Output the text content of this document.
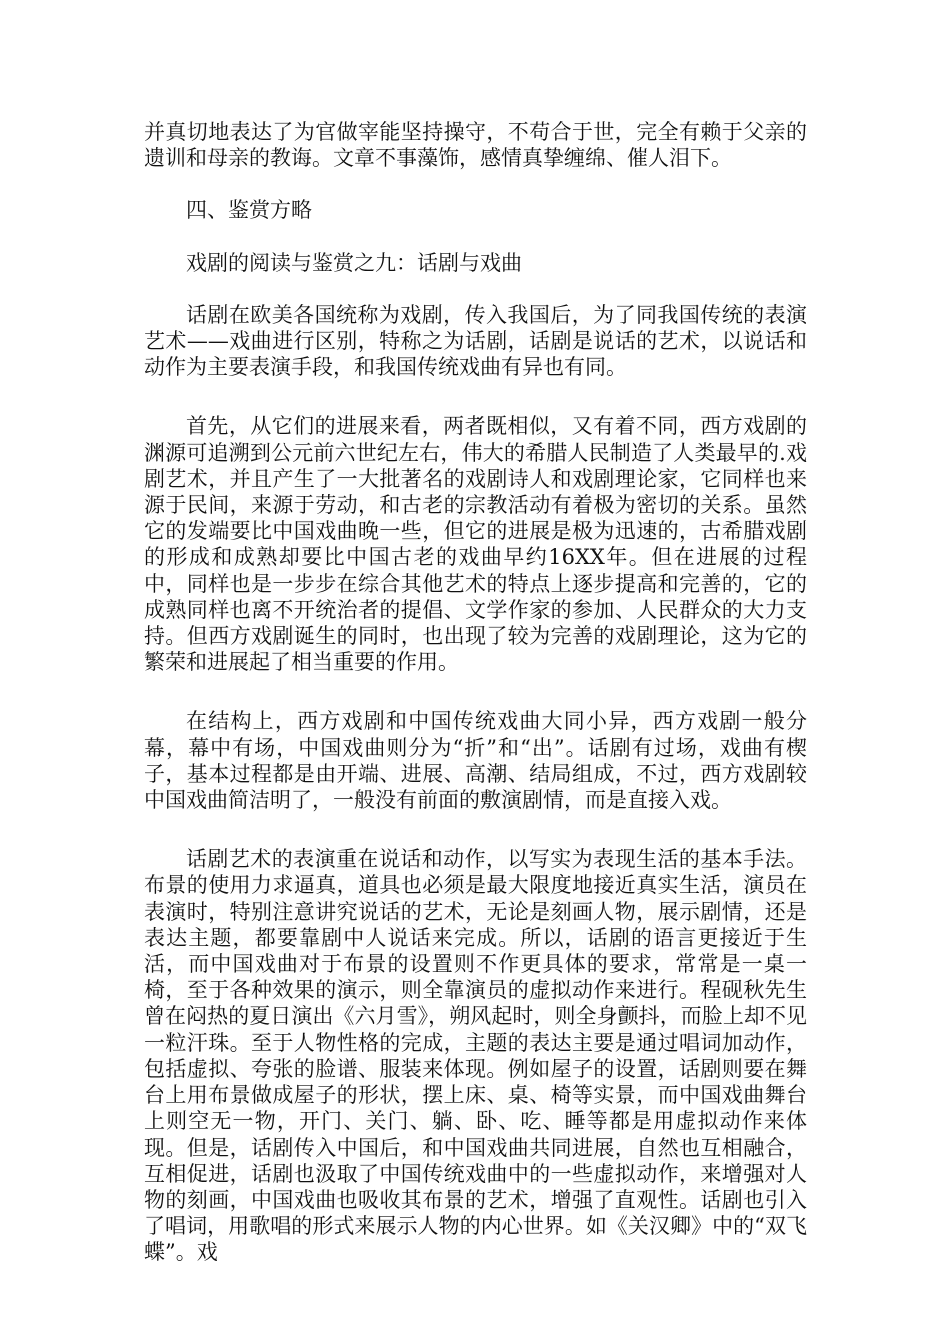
并真切地表达了为官做宰能坚持操守，不苟合于世，完全有赖于父亲的遗训和母亲的教诲。文章不事藻饰，感情真挚缠绵、催人泪下。

四、鉴赏方略

戏剧的阅读与鉴赏之九：话剧与戏曲

话剧在欧美各国统称为戏剧，传入我国后，为了同我国传统的表演艺术——戏曲进行区别，特称之为话剧，话剧是说话的艺术，以说话和动作为主要表演手段，和我国传统戏曲有异也有同。

首先，从它们的进展来看，两者既相似，又有着不同，西方戏剧的渊源可追溯到公元前六世纪左右，伟大的希腊人民制造了人类最早的.戏剧艺术，并且产生了一大批著名的戏剧诗人和戏剧理论家，它同样也来源于民间，来源于劳动，和古老的宗教活动有着极为密切的关系。虽然它的发端要比中国戏曲晚一些，但它的进展是极为迅速的，古希腊戏剧的形成和成熟却要比中国古老的戏曲早约16XX年。但在进展的过程中，同样也是一步步在综合其他艺术的特点上逐步提高和完善的，它的成熟同样也离不开统治者的提倡、文学作家的参加、人民群众的大力支持。但西方戏剧诞生的同时，也出现了较为完善的戏剧理论，这为它的繁荣和进展起了相当重要的作用。

在结构上，西方戏剧和中国传统戏曲大同小异，西方戏剧一般分幕，幕中有场，中国戏曲则分为“折”和“出”。话剧有过场，戏曲有楔子，基本过程都是由开端、进展、高潮、结局组成，不过，西方戏剧较中国戏曲简洁明了，一般没有前面的敷演剧情，而是直接入戏。

话剧艺术的表演重在说话和动作，以写实为表现生活的基本手法。布景的使用力求逼真，道具也必须是最大限度地接近真实生活，演员在表演时，特别注意讲究说话的艺术，无论是刻画人物，展示剧情，还是表达主题，都要靠剧中人说话来完成。所以，话剧的语言更接近于生活，而中国戏曲对于布景的设置则不作更具体的要求，常常是一桌一椅，至于各种效果的演示，则全靠演员的虚拟动作来进行。程砚秋先生曾在闷热的夏日演出《六月雪》，朔风起时，则全身颤抖，而脸上却不见一粒汗珠。至于人物性格的完成，主题的表达主要是通过唱词加动作，包括虚拟、夸张的脸谱、服装来体现。例如屋子的设置，话剧则要在舞台上用布景做成屋子的形状，摆上床、桌、椅等实景，而中国戏曲舞台上则空无一物，开门、关门、躺、卧、吃、睡等都是用虚拟动作来体现。但是，话剧传入中国后，和中国戏曲共同进展，自然也互相融合，互相促进，话剧也汲取了中国传统戏曲中的一些虚拟动作，来增强对人物的刻画，中国戏曲也吸收其布景的艺术，增强了直观性。话剧也引入了唱词，用歌唱的形式来展示人物的内心世界。如《关汉卿》中的“双飞蝶”。戏
